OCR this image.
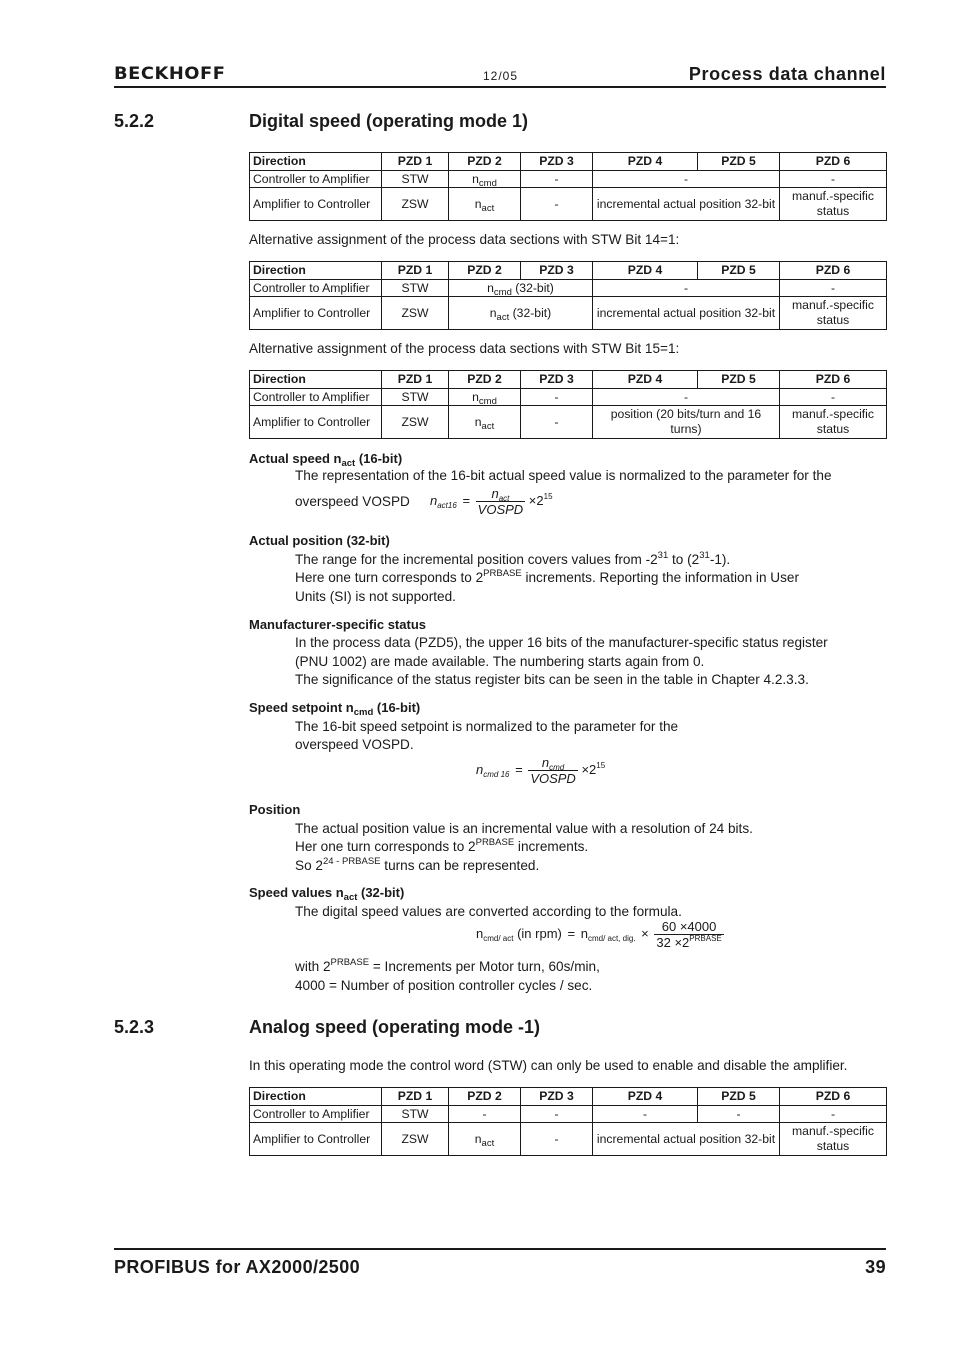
BECKHOFF	12/05	Process data channel
5.2.2	Digital speed (operating mode 1)
Direction	PZD 1	PZD 2	PZD 3	PZD 4	PZD 5	PZD 6
Controller to Amplifier	STW	$n_{cmd}$	-	-		-
Amplifier to Controller	ZSW	$n_{act}$	-	incremental actual position 32-bit		manuf.-specific status
Alternative assignment of the process data sections with STW Bit 14=1:
Direction	PZD 1	PZD 2	PZD 3	PZD 4	PZD 5	PZD 6
Controller to Amplifier	STW	$n_{cmd}$ (32-bit)		-		-
Amplifier to Controller	ZSW	$n_{act}$ (32-bit)		incremental actual position 32-bit		manuf.-specific status
Alternative assignment of the process data sections with STW Bit 15=1:
Direction	PZD 1	PZD 2	PZD 3	PZD 4	PZD 5	PZD 6
Controller to Amplifier	STW	$n_{cmd}$	-	-		-
Amplifier to Controller	ZSW	$n_{act}$	-	position (20 bits/turn and 16 turns)		manuf.-specific status
Actual speed $n_{act}$ (16-bit)
The representation of the 16-bit actual speed value is normalized to the parameter for the
overspeed VOSPD $n_{act16} = \frac{n_{act}}{\text{VOSPD}} \times 2^{15}$
Actual position (32-bit)
The range for the incremental position covers values from $-2^{31}$ to $(2^{31}-1)$.
Here one turn corresponds to $2^{PRBASE}$ increments. Reporting the information in User
Units (SI) is not supported.
Manufacturer-specific status
In the process data (PZD5), the upper 16 bits of the manufacturer-specific status register
(PNU 1002) are made available. The numbering starts again from 0.
The significance of the status register bits can be seen in the table in Chapter 4.2.3.3.
Speed setpoint $n_{cmd}$ (16-bit)
The 16-bit speed setpoint is normalized to the parameter for the
overspeed VOSPD.
$n_{cmd 16} = \frac{n_{cmd}}{\text{VOSPD}} \times 2^{15}$
Position
The actual position value is an incremental value with a resolution of 24 bits.
Her one turn corresponds to $2^{PRBASE}$ increments.
So $2^{24 - PRBASE}$ turns can be represented.
Speed values $n_{act}$ (32-bit)
The digital speed values are converted according to the formula.
$n_{cmd/ act}$ (in $rpm) = n_{cmd/ act, dig.} \times \frac{60 \times 4000}{32 \times 2^{PRBASE}}$
with $2^{PRBASE}$ = Increments per Motor turn, 60s/min,
4000 = Number of position controller cycles / sec.
5.2.3	Analog speed (operating mode -1)
In this operating mode the control word (STW) can only be used to enable and disable the amplifier.
Direction	PZD 1	PZD 2	PZD 3	PZD 4	PZD 5	PZD 6
Controller to Amplifier	STW	-	-	-	-	-
Amplifier to Controller	ZSW	$n_{act}$	-	incremental actual position 32-bit		manuf.-specific status
PROFIBUS for AX2000/2500	39
